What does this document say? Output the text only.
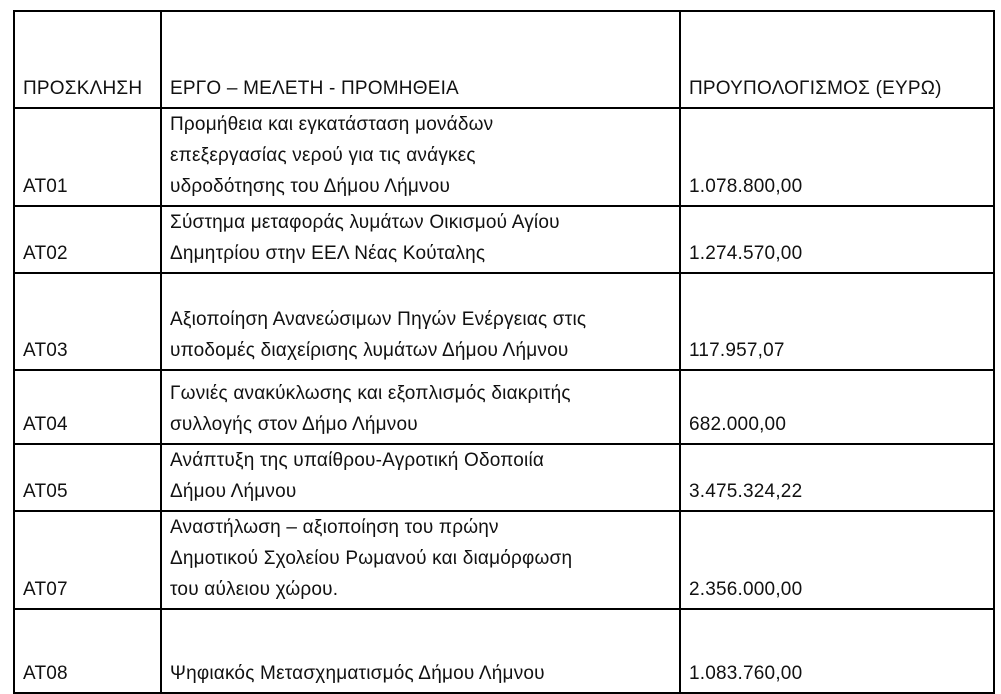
ΠΡΟΣΚΛΗΣΗ	ΕΡΓΟ – ΜΕΛΕΤΗ - ΠΡΟΜΗΘΕΙΑ	ΠΡΟΥΠΟΛΟΓΙΣΜΟΣ (ΕΥΡΩ)
ΑΤ01	Προμήθεια και εγκατάσταση μονάδων
επεξεργασίας νερού για τις ανάγκες
υδροδότησης του Δήμου Λήμνου	1.078.800,00
ΑΤ02	Σύστημα μεταφοράς λυμάτων Οικισμού Αγίου
Δημητρίου στην ΕΕΛ Νέας Κούταλης	1.274.570,00
ΑΤ03	Αξιοποίηση Ανανεώσιμων Πηγών Ενέργειας στις
υποδομές διαχείρισης λυμάτων Δήμου Λήμνου	117.957,07
ΑΤ04	Γωνιές ανακύκλωσης και εξοπλισμός διακριτής
συλλογής στον Δήμο Λήμνου	682.000,00
ΑΤ05	Ανάπτυξη της υπαίθρου-Αγροτική Οδοποιία
Δήμου Λήμνου	3.475.324,22
ΑΤ07	Αναστήλωση – αξιοποίηση του πρώην
Δημοτικού Σχολείου Ρωμανού και διαμόρφωση
του αύλειου χώρου.	2.356.000,00
ΑΤ08	Ψηφιακός Μετασχηματισμός Δήμου Λήμνου	1.083.760,00
